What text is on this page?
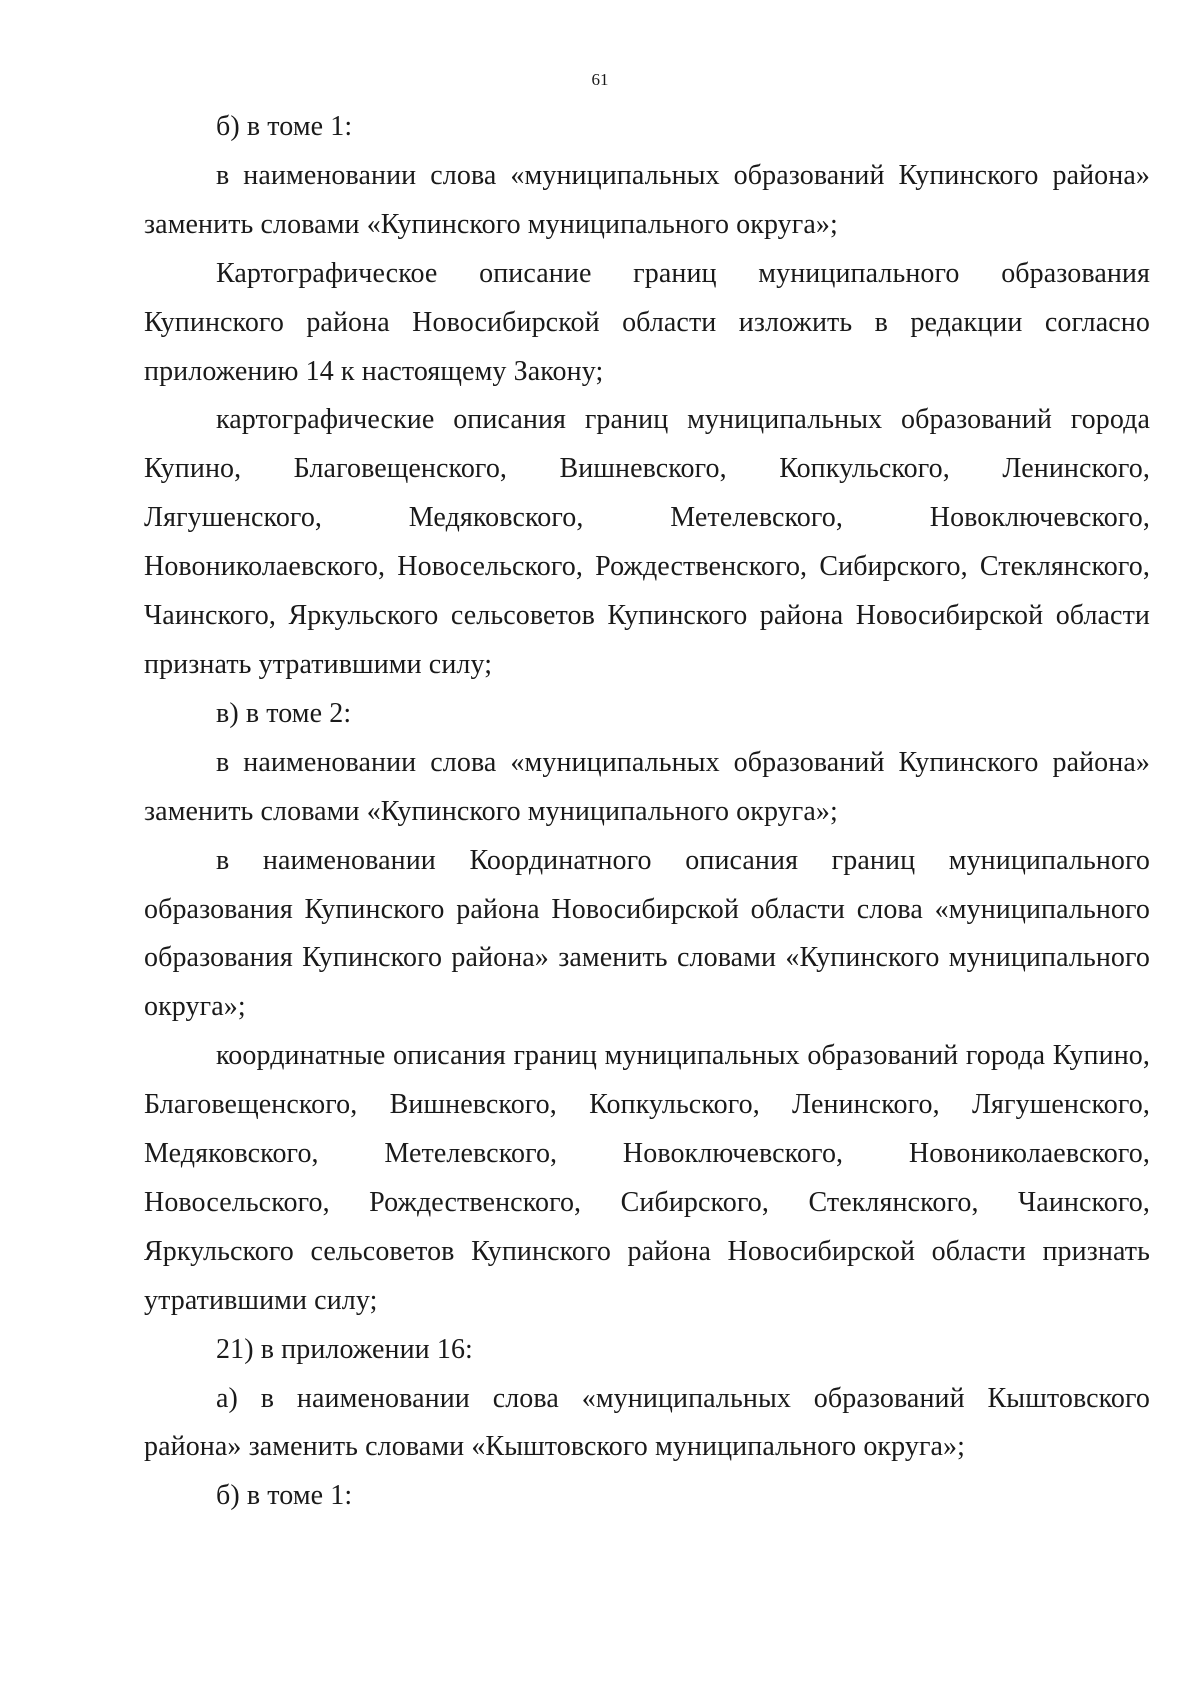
61

б) в томе 1:

в наименовании слова «муниципальных образований Купинского района» заменить словами «Купинского муниципального округа»;

Картографическое описание границ муниципального образования Купинского района Новосибирской области изложить в редакции согласно приложению 14 к настоящему Закону;

картографические описания границ муниципальных образований города Купино, Благовещенского, Вишневского, Копкульского, Ленинского, Лягушенского, Медяковского, Метелевского, Новоключевского, Новониколаевского, Новосельского, Рождественского, Сибирского, Стеклянского, Чаинского, Яркульского сельсоветов Купинского района Новосибирской области признать утратившими силу;

в) в томе 2:

в наименовании слова «муниципальных образований Купинского района» заменить словами «Купинского муниципального округа»;

в наименовании Координатного описания границ муниципального образования Купинского района Новосибирской области слова «муниципального образования Купинского района» заменить словами «Купинского муниципального округа»;

координатные описания границ муниципальных образований города Купино, Благовещенского, Вишневского, Копкульского, Ленинского, Лягушенского, Медяковского, Метелевского, Новоключевского, Новониколаевского, Новосельского, Рождественского, Сибирского, Стеклянского, Чаинского, Яркульского сельсоветов Купинского района Новосибирской области признать утратившими силу;

21) в приложении 16:

а) в наименовании слова «муниципальных образований Кыштовского района» заменить словами «Кыштовского муниципального округа»;

б) в томе 1:
